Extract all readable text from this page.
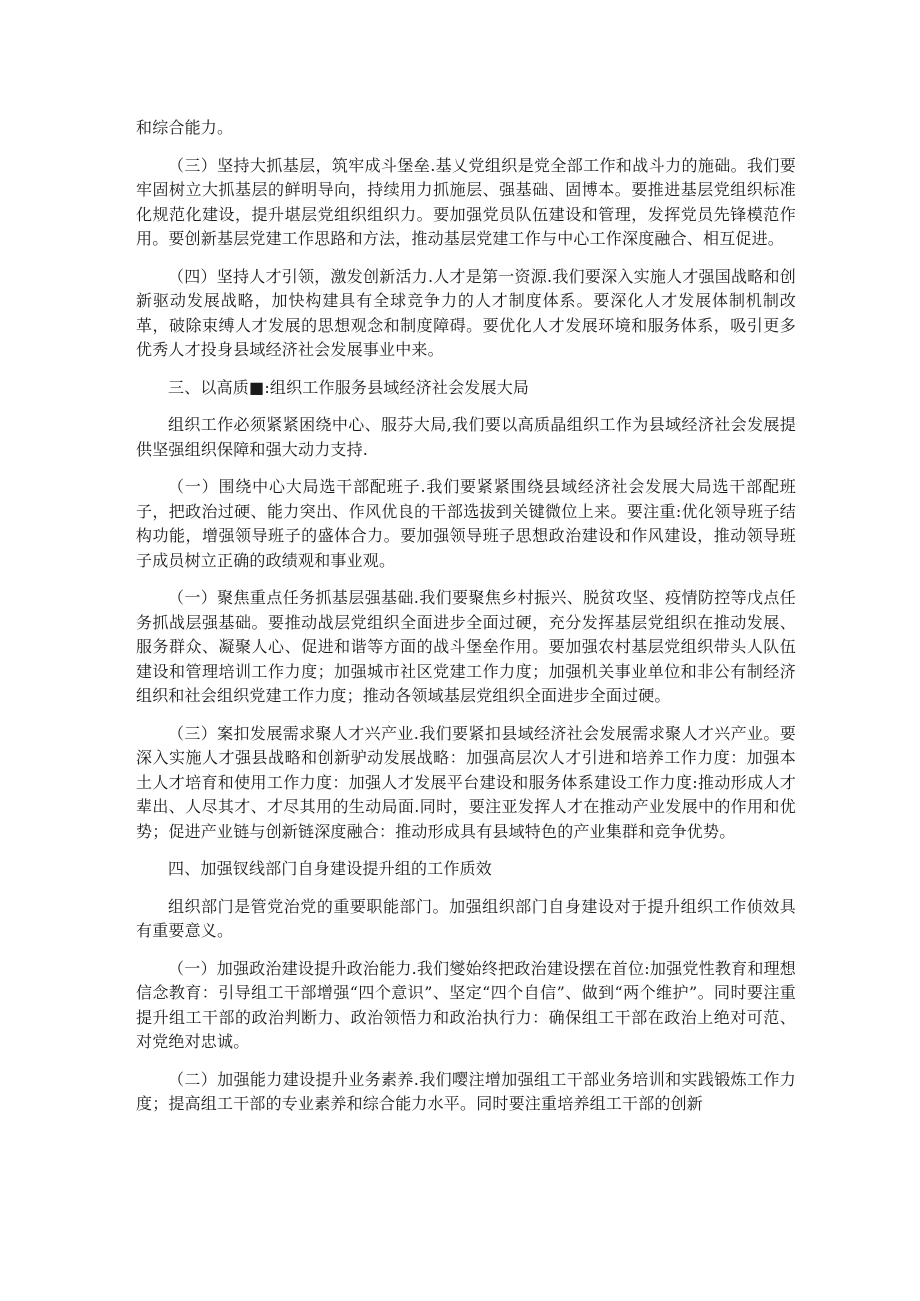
和综合能力。

（三）坚持大抓基层，筑牢成斗堡垒.基乂党组织是党全部工作和战斗力的施础。我们要牢固树立大抓基层的鲜明导向，持续用力抓施层、强基础、固博本。要推进基层党组织标准化规范化建设，提升堪层党组织组织力。要加强党员队伍建设和管理，发挥党员先锋模范作用。要创新基层党建工作思路和方法，推动基层党建工作与中心工作深度融合、相互促进。

（四）坚持人才引领，激发创新活力.人才是第一资源.我们要深入实施人才强国战略和创新驱动发展战略，加快构建具有全球竞争力的人才制度体系。要深化人才发展体制机制改革，破除束缚人才发展的思想观念和制度障碍。要优化人才发展环境和服务体系，吸引更多优秀人才投身县域经济社会发展事业中来。

三、以高质■:组织工作服务县域经济社会发展大局

组织工作必须紧紧困绕中心、服芬大局,我们要以高质晶组织工作为县域经济社会发展提供坚强组织保障和强大动力支持.

（一）围绕中心大局选干部配班子.我们要紧紧围绕县域经济社会发展大局选干部配班子，把政治过硬、能力突出、作风优良的干部选拔到关键微位上来。要注重:优化领导班子结构功能，增强领导班子的盛体合力。要加强领导班子思想政治建设和作风建设，推动领导班子成员树立正确的政绩观和事业观。

（一）聚焦重点任务抓基层强基础.我们要聚焦乡村振兴、脱贫攻坚、疫情防控等戊点任务抓战层强基础。要推动战层党组织全面进步全面过硬，充分发挥基层党组织在推动发展、服务群众、凝聚人心、促进和谐等方面的战斗堡垒作用。要加强农村基层党组织带头人队伍建设和管理培训工作力度；加强城市社区党建工作力度；加强机关事业单位和非公有制经济组织和社会组织党建工作力度；推动各领域基层党组织全面进步全面过硬。

（三）案扣发展需求聚人才兴产业.我们要紧扣县域经济社会发展需求聚人才兴产业。要深入实施人才强县战略和创新驴动发展战略：加强高层次人才引进和培养工作力度：加强本土人才培育和使用工作力度：加强人才发展平台建设和服务体系建设工作力度:推动形成人才辈出、人尽其才、才尽其用的生动局面.同时，要注亚发挥人才在推动产业发展中的作用和优势；促进产业链与创新链深度融合：推动形成具有县域特色的产业集群和竞争优势。

四、加强钗线部门自身建设提升组的工作质效

组织部门是管党治党的重要职能部门。加强组织部门自身建设对于提升组织工作侦效具有重要意义。

（一）加强政治建设提升政治能力.我们燮始终把政治建设摆在首位:加强党性教育和理想信念教育：引导组工干部增强“四个意识”、坚定“四个自信”、做到“两个维护”。同时要注重提升组工干部的政治判断力、政治领悟力和政治执行力：确保组工干部在政治上绝对可范、对党绝对忠诚。

（二）加强能力建设提升业务素养.我们嘤注增加强组工干部业务培训和实践锻炼工作力度；提高组工干部的专业素养和综合能力水平。同时要注重培养组工干部的创新
